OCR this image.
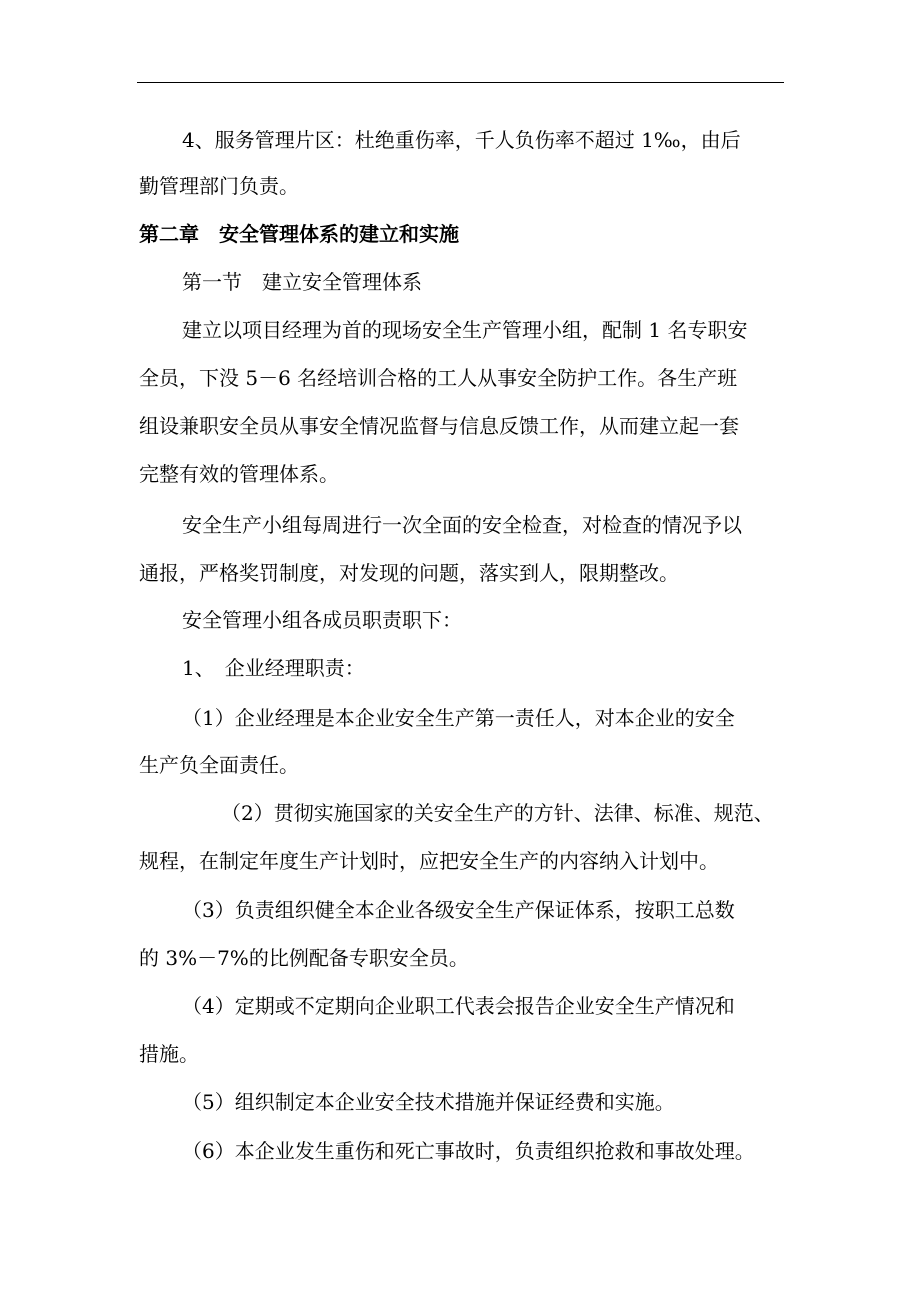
4、服务管理片区：杜绝重伤率，千人负伤率不超过 1‰，由后
勤管理部门负责。
第二章　安全管理体系的建立和实施
第一节　建立安全管理体系
建立以项目经理为首的现场安全生产管理小组，配制 1 名专职安
全员，下没 5－6 名经培训合格的工人从事安全防护工作。各生产班
组设兼职安全员从事安全情况监督与信息反馈工作，从而建立起一套
完整有效的管理体系。
安全生产小组每周进行一次全面的安全检查，对检查的情况予以
通报，严格奖罚制度，对发现的问题，落实到人，限期整改。
安全管理小组各成员职责职下：
1、　企业经理职责：
（1）企业经理是本企业安全生产第一责任人，对本企业的安全
生产负全面责任。
（2）贯彻实施国家的关安全生产的方针、法律、标准、规范、
规程，在制定年度生产计划时，应把安全生产的内容纳入计划中。
（3）负责组织健全本企业各级安全生产保证体系，按职工总数
的 3%－7%的比例配备专职安全员。
（4）定期或不定期向企业职工代表会报告企业安全生产情况和
措施。
（5）组织制定本企业安全技术措施并保证经费和实施。
（6）本企业发生重伤和死亡事故时，负责组织抢救和事故处理。
